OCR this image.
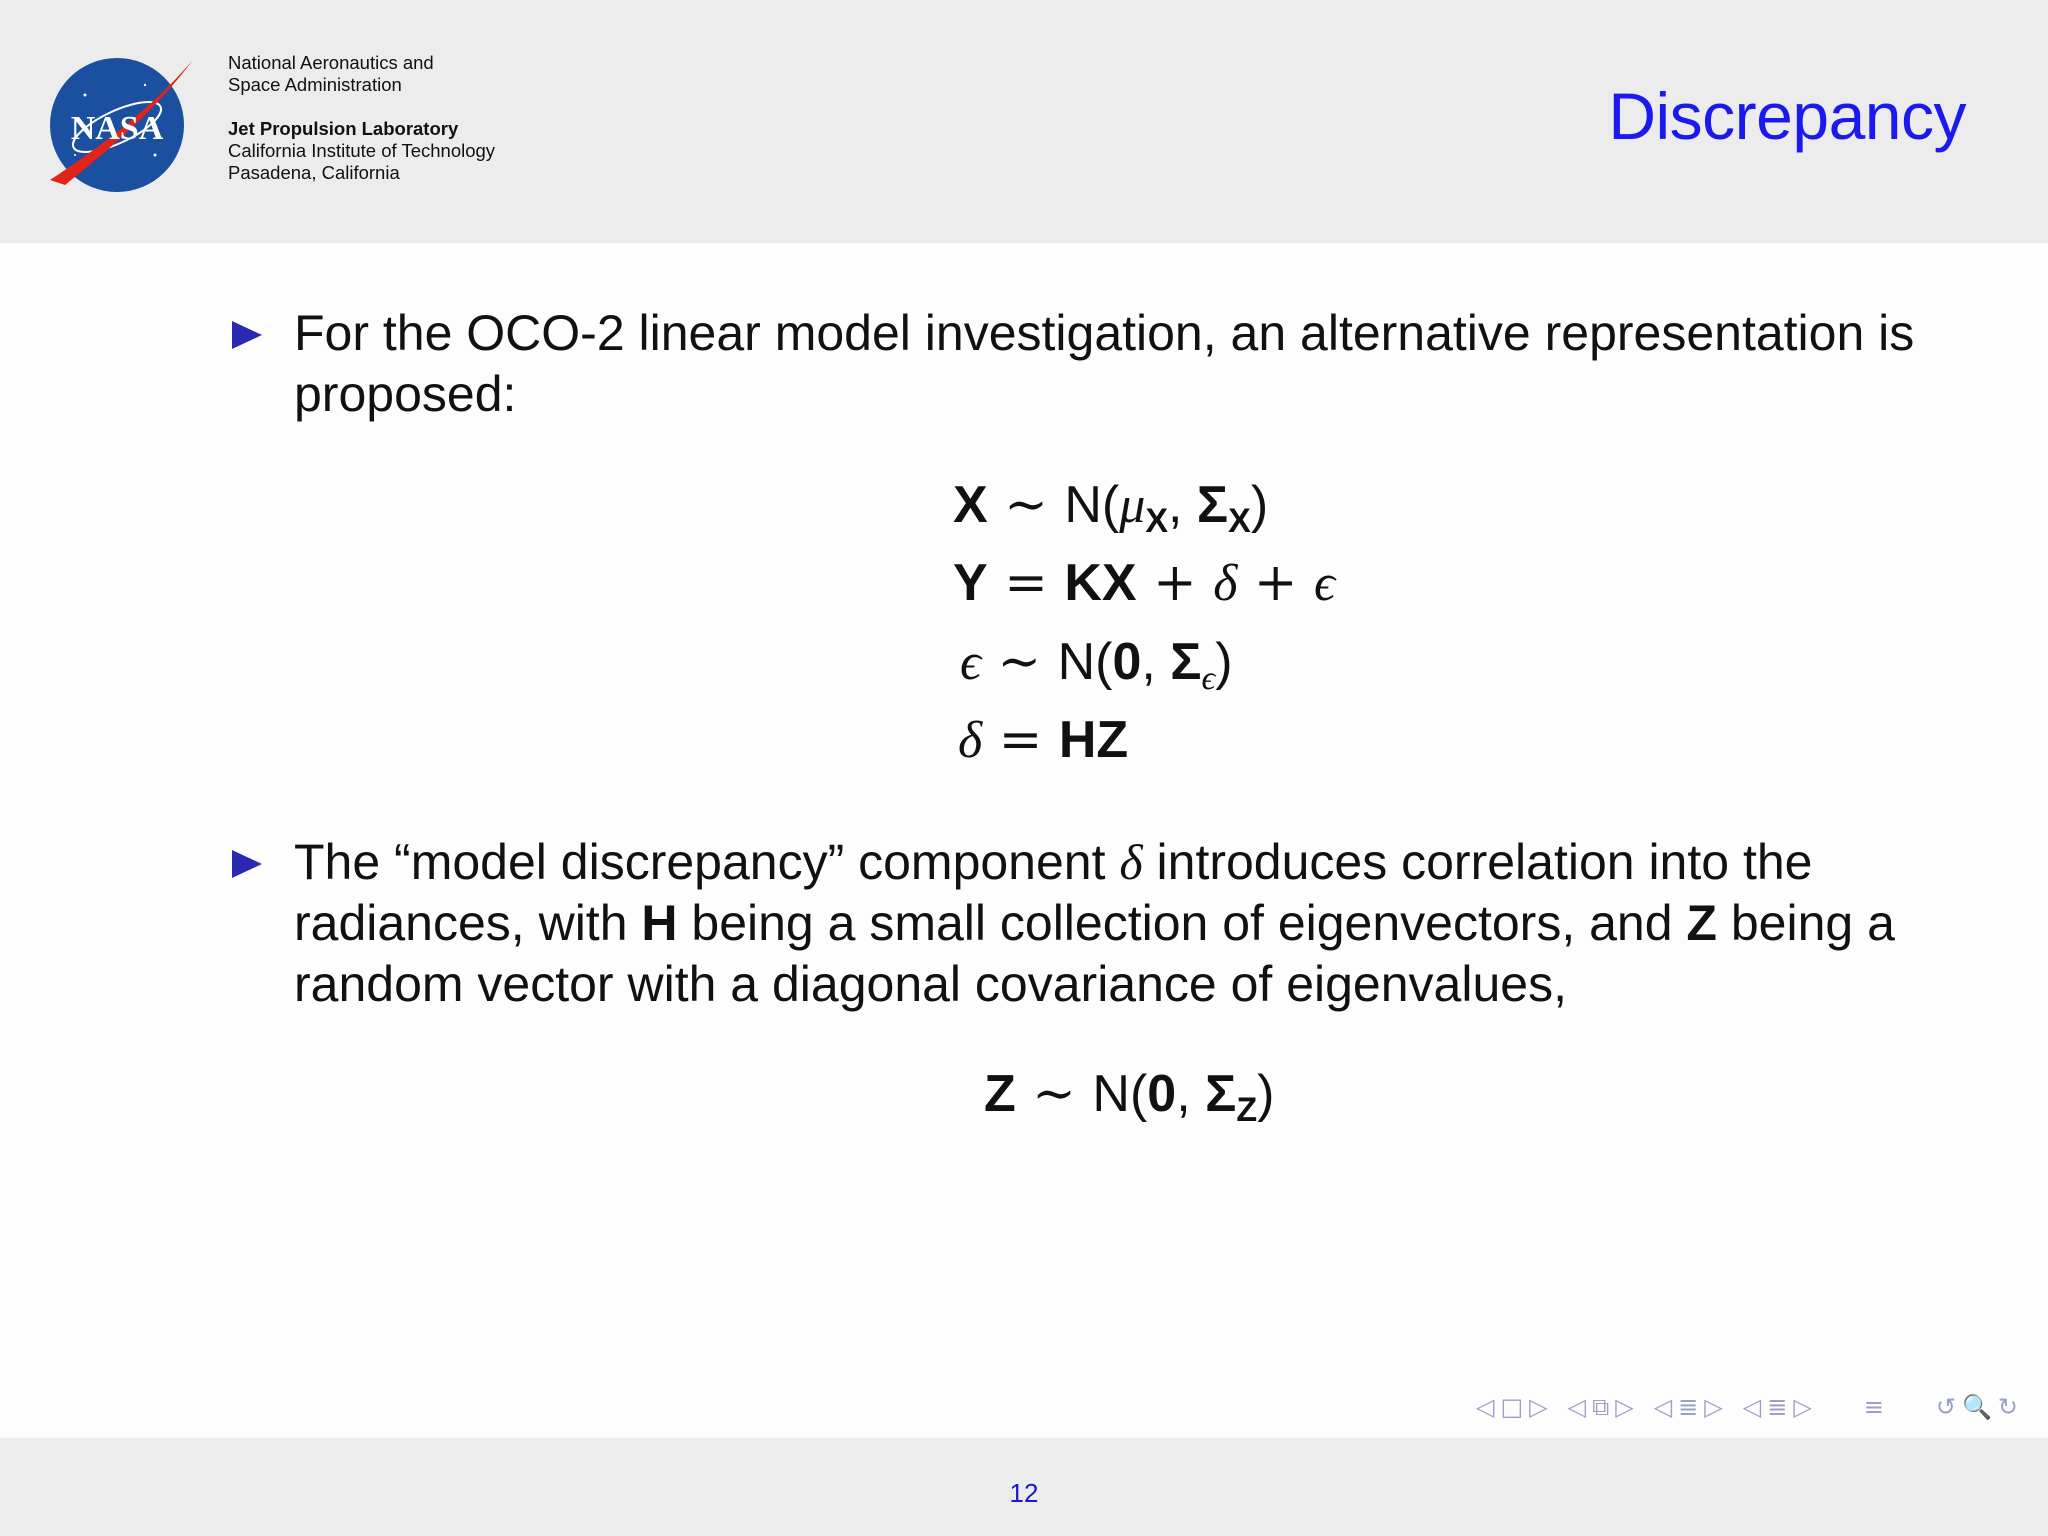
NASA
National Aeronautics and
Space Administration
Jet Propulsion Laboratory
California Institute of Technology
Pasadena, California
Discrepancy
For the OCO-2 linear model investigation, an alternative representation is proposed:
X ∼ $N(\mu_X$, $\Sigma_X$)
Y = KX + δ + ϵ
ϵ ∼ N(0, $\Sigma_\epsilon$)
δ = HZ
The “model discrepancy” component δ introduces correlation into the radiances, with H being a small collection of eigenvectors, and Z being a random vector with a diagonal covariance of eigenvalues,
Z ∼ N(0, $\Sigma_Z$)
◁ □ ▷ ◁ ⧉ ▷ ◁ ≣ ▷ ◁ ≣ ▷ ≡ ↺ 🔍 ↻
12
